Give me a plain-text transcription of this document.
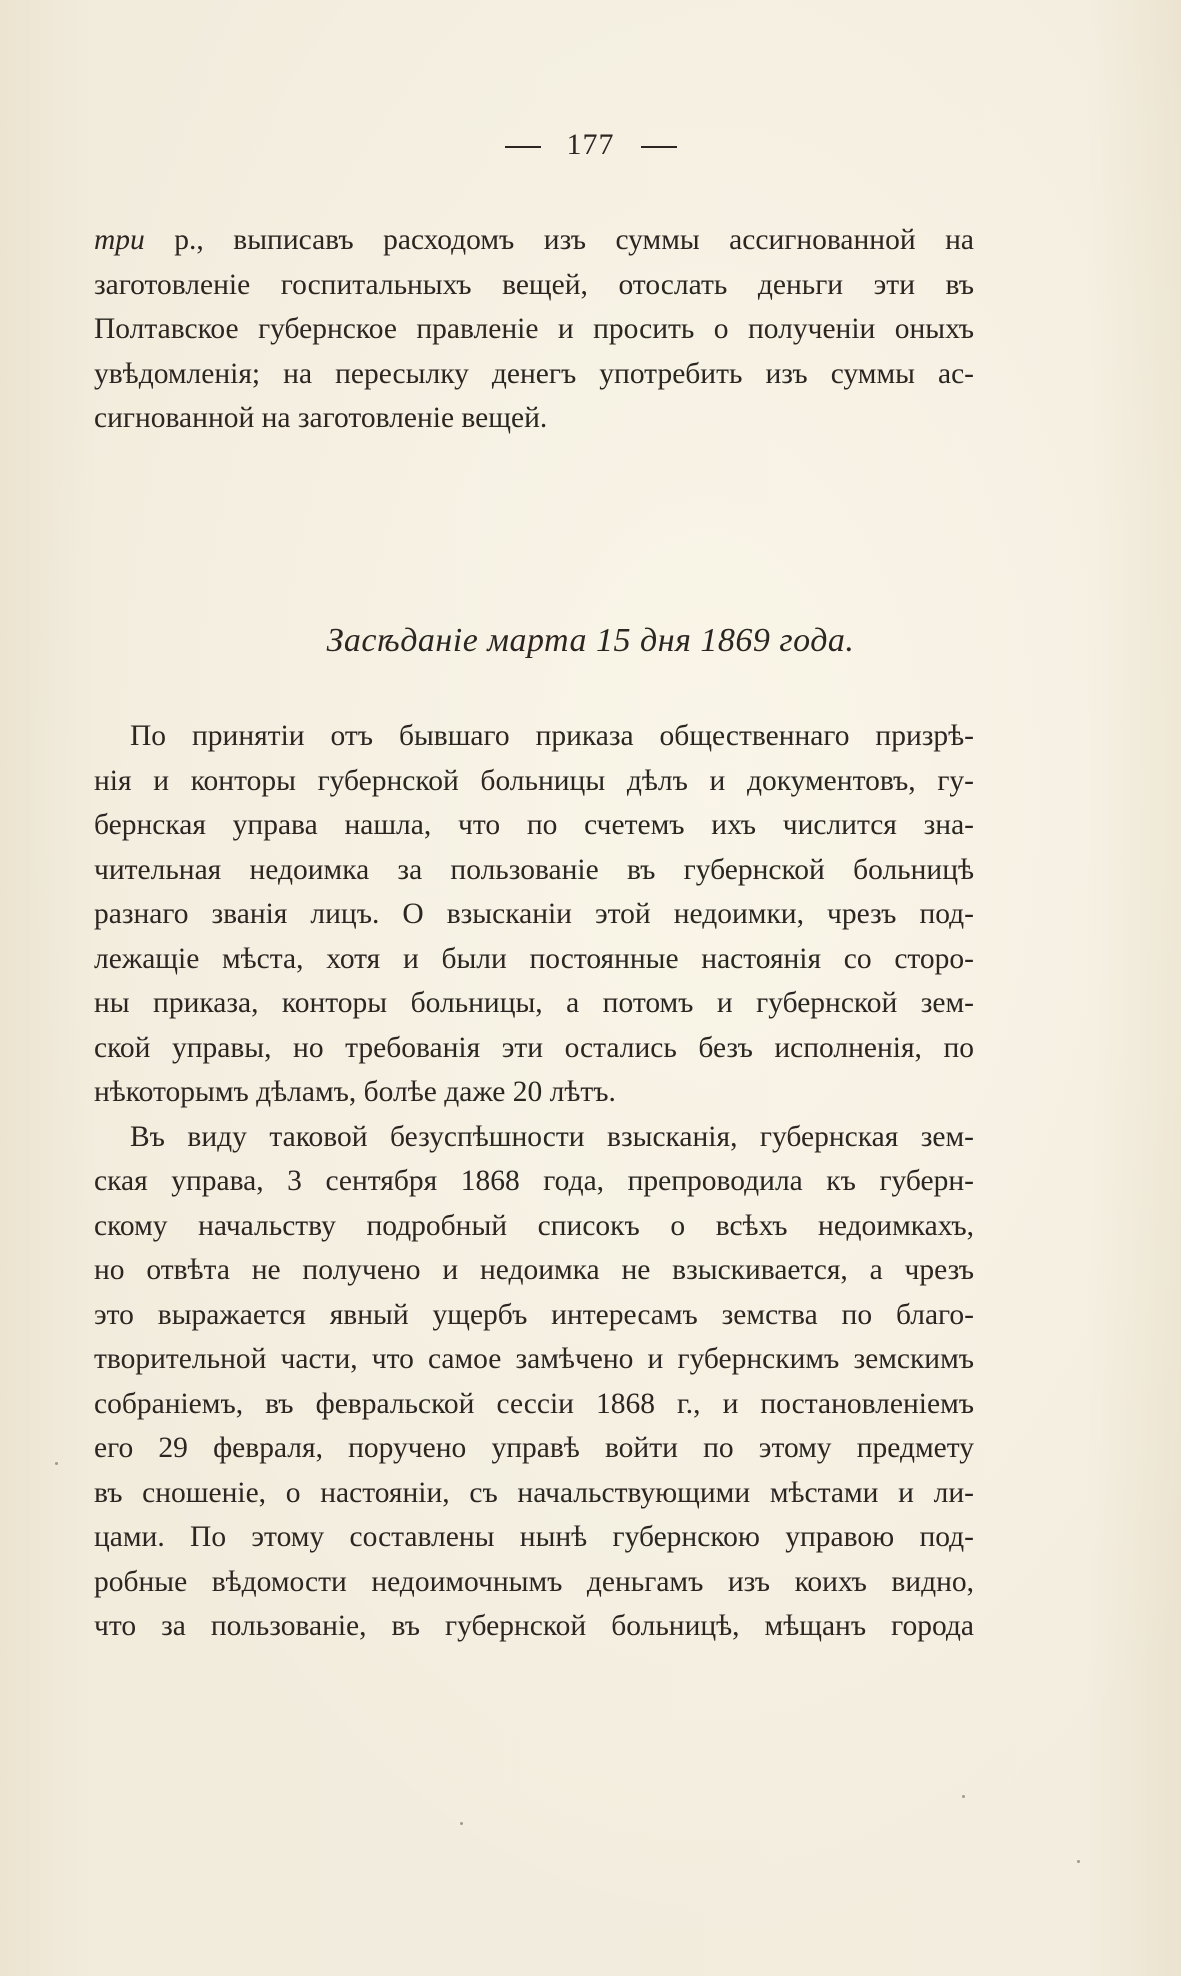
177
три р., выписавъ расходомъ изъ суммы ассигнованной на
заготовленіе госпитальныхъ вещей, отослать деньги эти въ
Полтавское губернское правленіе и просить о полученіи оныхъ
увѣдомленія; на пересылку денегъ употребить изъ суммы ас-
сигнованной на заготовленіе вещей.
Засѣданіе марта 15 дня 1869 года.
По принятіи отъ бывшаго приказа общественнаго призрѣ-
нія и конторы губернской больницы дѣлъ и документовъ, гу-
бернская управа нашла, что по счетемъ ихъ числится зна-
чительная недоимка за пользованіе въ губернской больницѣ
разнаго званія лицъ. О взысканіи этой недоимки, чрезъ под-
лежащіе мѣста, хотя и были постоянные настоянія со сторо-
ны приказа, конторы больницы, а потомъ и губернской зем-
ской управы, но требованія эти остались безъ исполненія, по
нѣкоторымъ дѣламъ, болѣе даже 20 лѣтъ.
Въ виду таковой безуспѣшности взысканія, губернская зем-
ская управа, 3 сентября 1868 года, препроводила къ губерн-
скому начальству подробный списокъ о всѣхъ недоимкахъ,
но отвѣта не получено и недоимка не взыскивается, а чрезъ
это выражается явный ущербъ интересамъ земства по благо-
творительной части, что самое замѣчено и губернскимъ земскимъ
собраніемъ, въ февральской сессіи 1868 г., и постановленіемъ
его 29 февраля, поручено управѣ войти по этому предмету
въ сношеніе, о настояніи, съ начальствующими мѣстами и ли-
цами. По этому составлены нынѣ губернскою управою под-
робные вѣдомости недоимочнымъ деньгамъ изъ коихъ видно,
что за пользованіе, въ губернской больницѣ, мѣщанъ города
